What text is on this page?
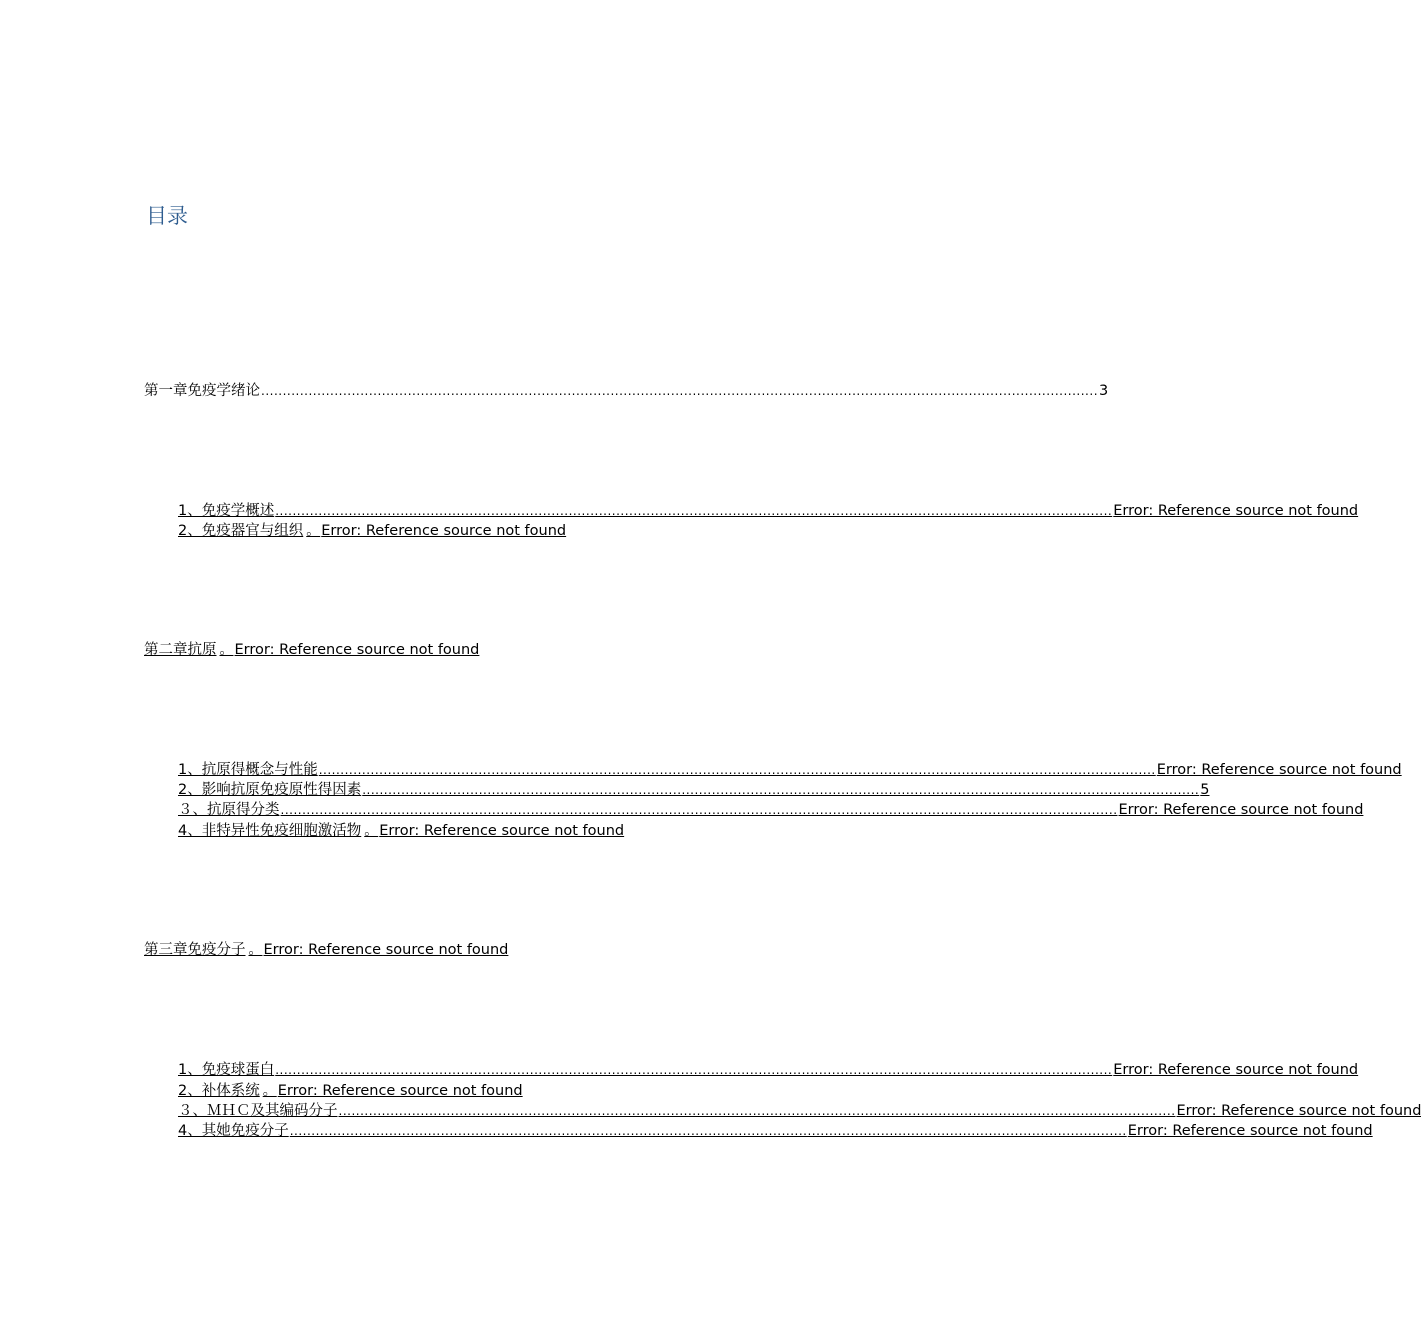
目录
第一章免疫学绪论 .................................................................................................................................................................................................. 3
1、免疫学概述 .................................................................................................................................................................................................. Error: Reference source not found
2、免疫器官与组织 。 Error: Reference source not found
第二章抗原 。 Error: Reference source not found
1、抗原得概念与性能 .................................................................................................................................................................................................. Error: Reference source not found
2、影响抗原免疫原性得因素 .................................................................................................................................................................................................. 5
３、抗原得分类 .................................................................................................................................................................................................. Error: Reference source not found
4、非特异性免疫细胞激活物 。 Error: Reference source not found
第三章免疫分子 。 Error: Reference source not found
1、免疫球蛋白 .................................................................................................................................................................................................. Error: Reference source not found
2、补体系统 。 Error: Reference source not found
３、ＭＨＣ及其编码分子 .................................................................................................................................................................................................. Error: Reference source not found
4、其她免疫分子 .................................................................................................................................................................................................. Error: Reference source not found
